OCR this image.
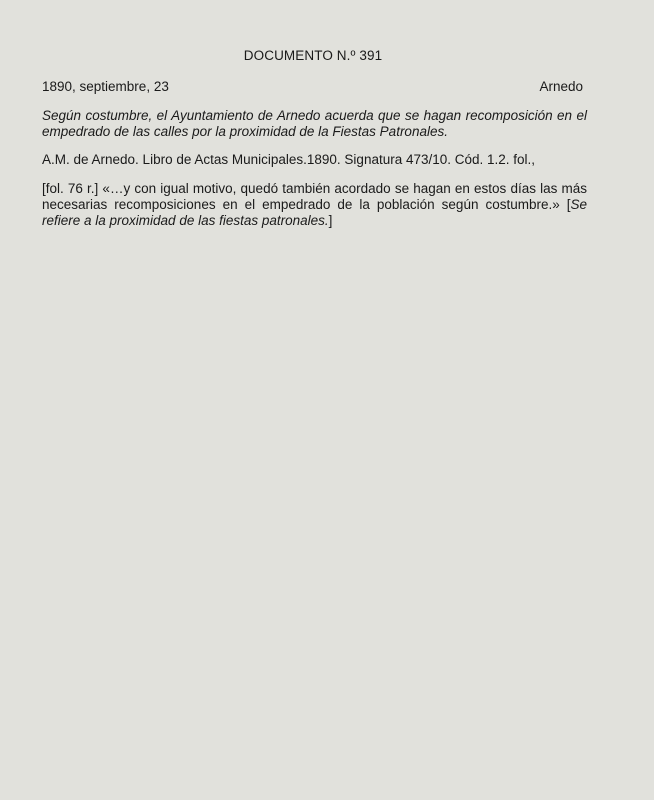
DOCUMENTO N.º 391
1890, septiembre, 23	Arnedo
Según costumbre, el Ayuntamiento de Arnedo acuerda que se hagan recomposición en el empedrado de las calles por la proximidad de la Fiestas Patronales.
A.M. de Arnedo. Libro de Actas Municipales.1890. Signatura 473/10. Cód. 1.2. fol.,
[fol. 76 r.] «…y con igual motivo, quedó también acordado se hagan en estos días las más necesarias recomposiciones en el empedrado de la población según costumbre.» [Se refiere a la proximidad de las fiestas patronales.]
